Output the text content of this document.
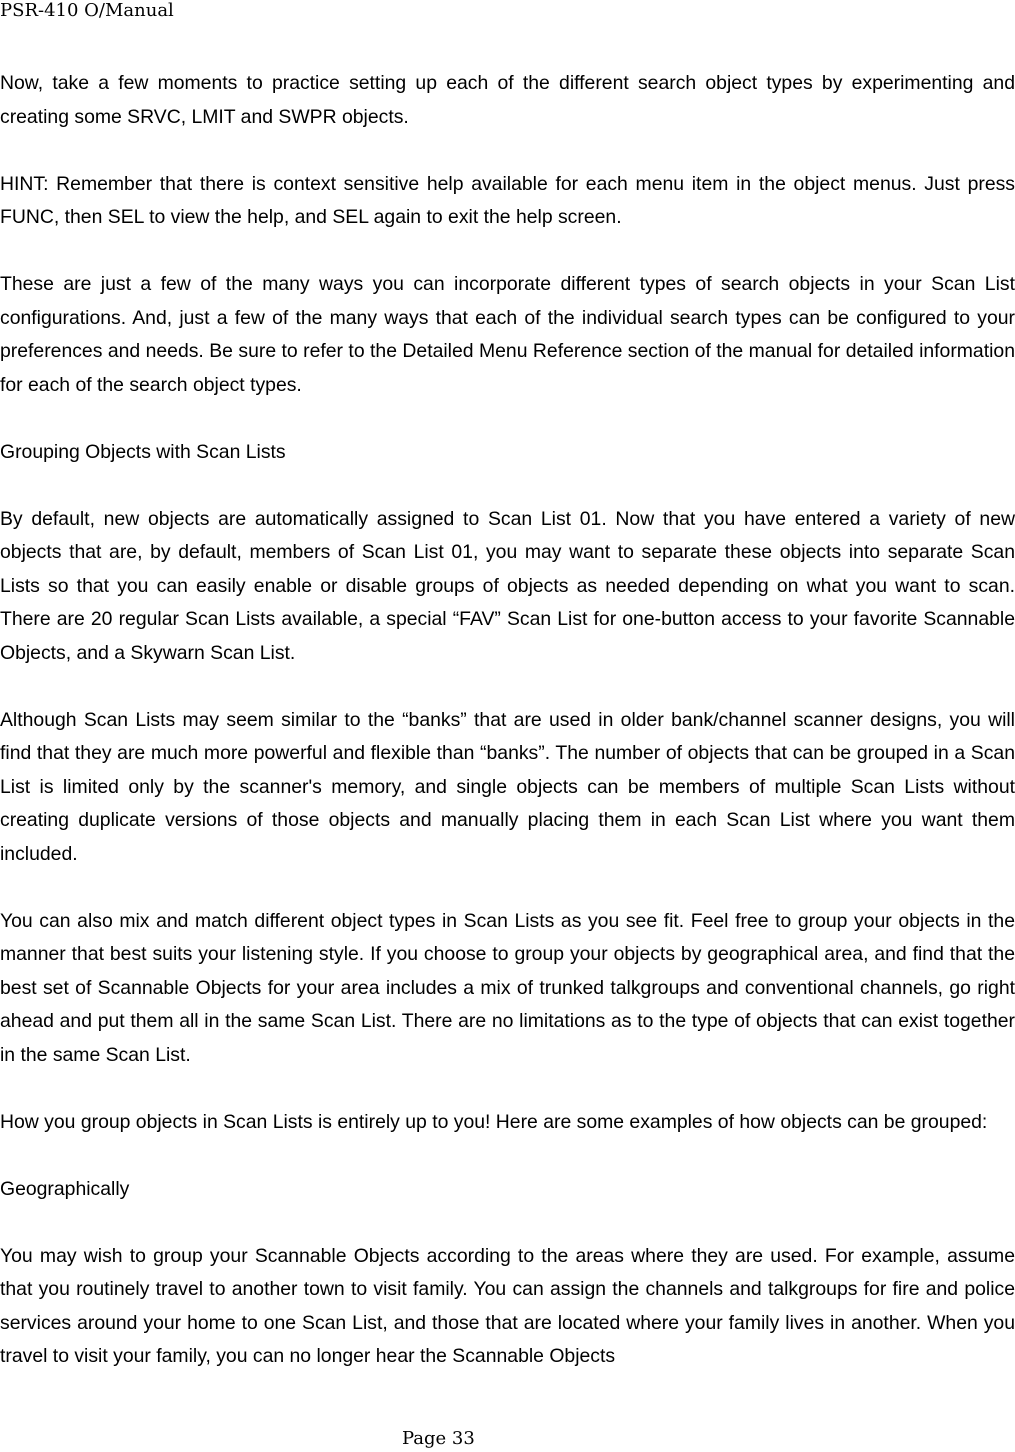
PSR-410 O/Manual

Now, take a few moments to practice setting up each of the different search object types by experimenting and creating some SRVC, LMIT and SWPR objects.

HINT: Remember that there is context sensitive help available for each menu item in the object menus. Just press FUNC, then SEL to view the help, and SEL again to exit the help screen.

These are just a few of the many ways you can incorporate different types of search objects in your Scan List configurations. And, just a few of the many ways that each of the individual search types can be configured to your preferences and needs. Be sure to refer to the Detailed Menu Reference section of the manual for detailed information for each of the search object types.

Grouping Objects with Scan Lists

By default, new objects are automatically assigned to Scan List 01. Now that you have entered a variety of new objects that are, by default, members of Scan List 01, you may want to separate these objects into separate Scan Lists so that you can easily enable or disable groups of objects as needed depending on what you want to scan. There are 20 regular Scan Lists available, a special “FAV” Scan List for one-button access to your favorite Scannable Objects, and a Skywarn Scan List.

Although Scan Lists may seem similar to the “banks” that are used in older bank/channel scanner designs, you will find that they are much more powerful and flexible than “banks”. The number of objects that can be grouped in a Scan List is limited only by the scanner's memory, and single objects can be members of multiple Scan Lists without creating duplicate versions of those objects and manually placing them in each Scan List where you want them included.

You can also mix and match different object types in Scan Lists as you see fit. Feel free to group your objects in the manner that best suits your listening style. If you choose to group your objects by geographical area, and find that the best set of Scannable Objects for your area includes a mix of trunked talkgroups and conventional channels, go right ahead and put them all in the same Scan List. There are no limitations as to the type of objects that can exist together in the same Scan List.

How you group objects in Scan Lists is entirely up to you! Here are some examples of how objects can be grouped:

Geographically

You may wish to group your Scannable Objects according to the areas where they are used. For example, assume that you routinely travel to another town to visit family. You can assign the channels and talkgroups for fire and police services around your home to one Scan List, and those that are located where your family lives in another. When you travel to visit your family, you can no longer hear the Scannable Objects

Page 33
